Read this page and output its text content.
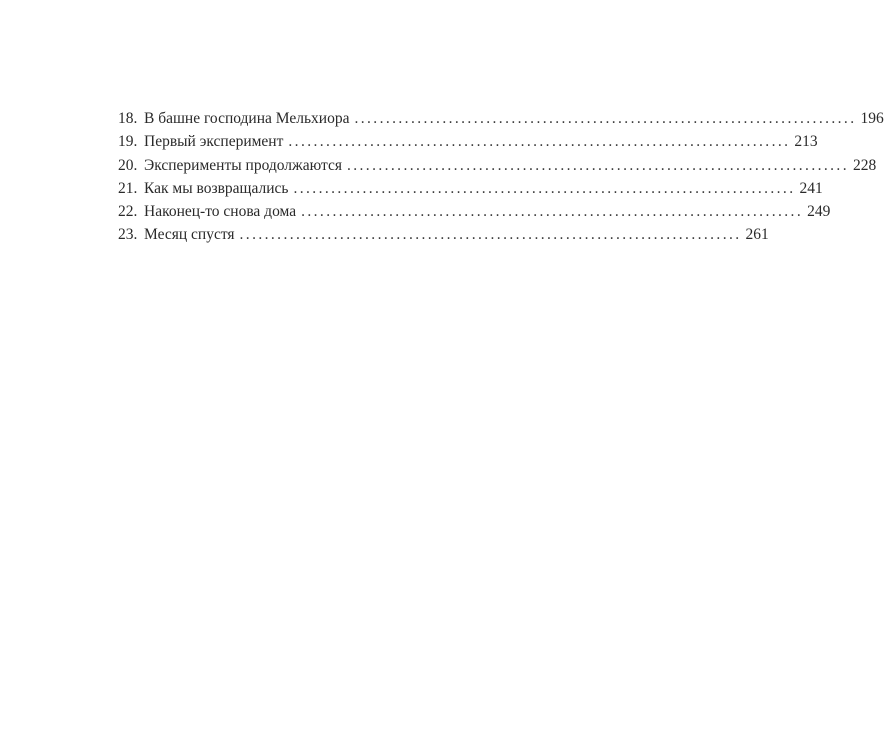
18. В башне господина Мельхиора ................................................................................ 196
19. Первый эксперимент ................................................................................ 213
20. Эксперименты продолжаются ................................................................................ 228
21. Как мы возвращались ................................................................................ 241
22. Наконец-то снова дома ................................................................................ 249
23. Месяц спустя ................................................................................ 261
